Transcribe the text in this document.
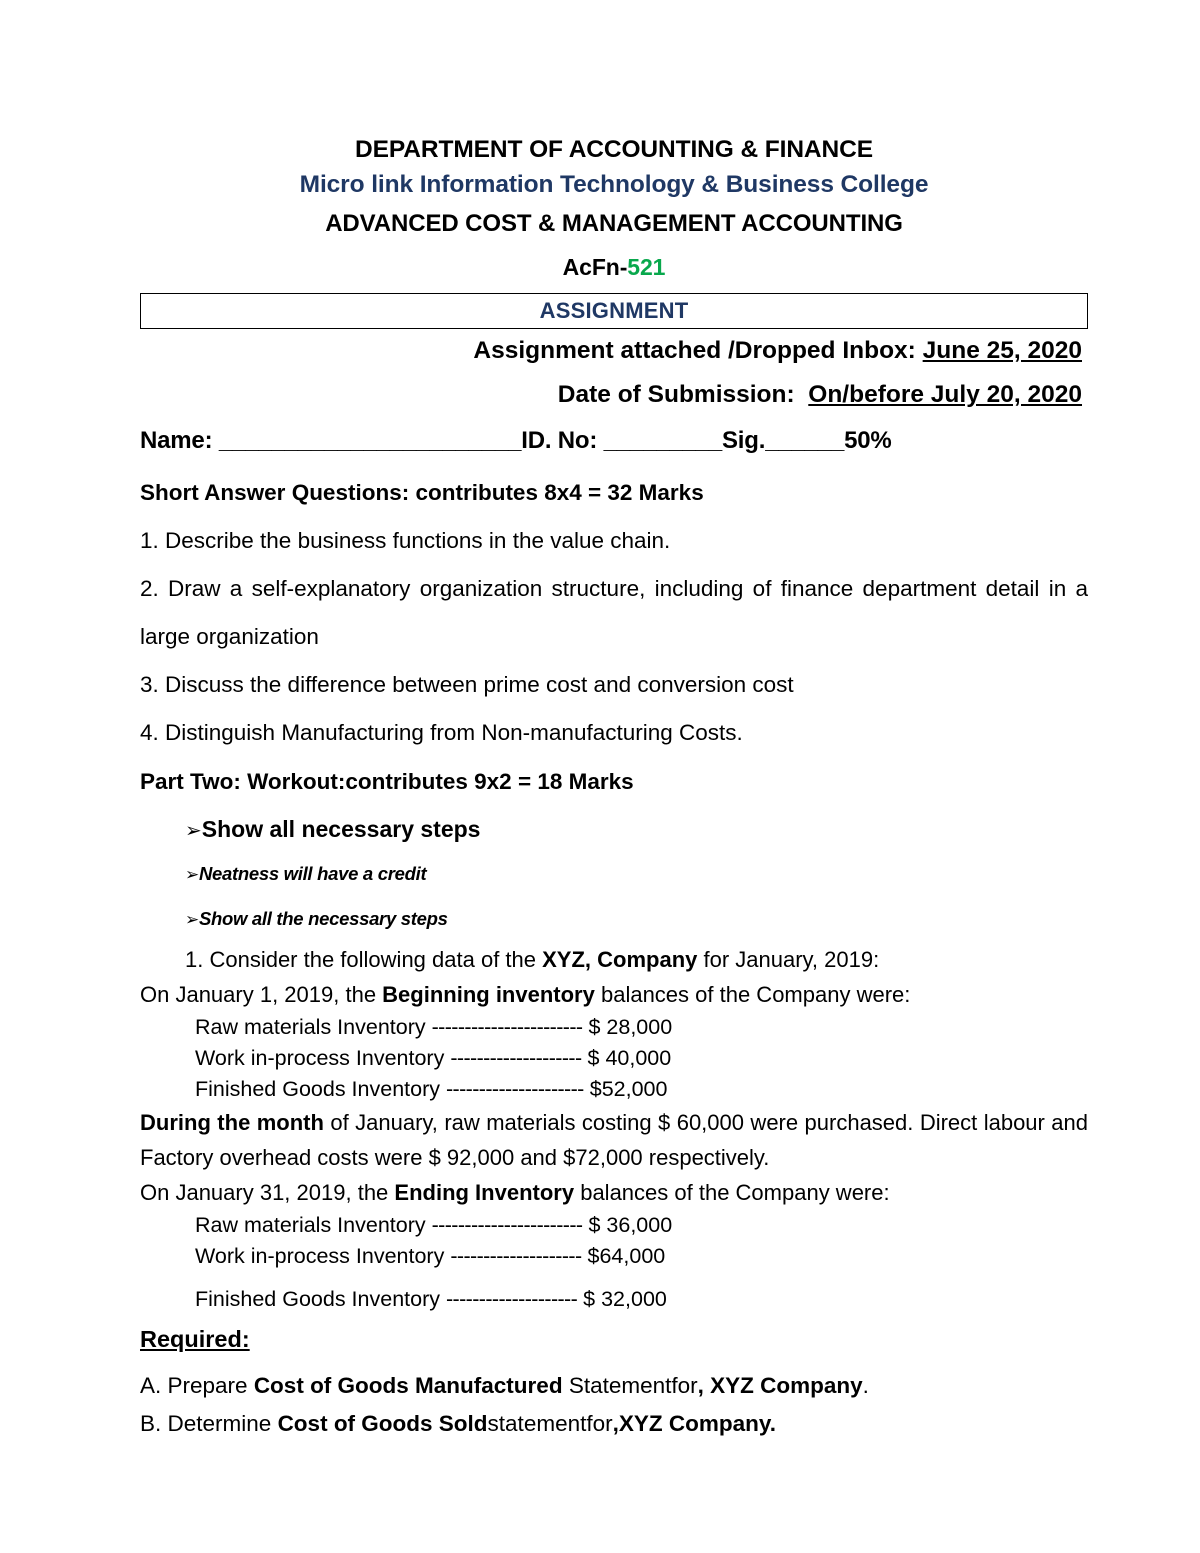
DEPARTMENT OF ACCOUNTING & FINANCE
Micro link Information Technology & Business College
ADVANCED COST & MANAGEMENT ACCOUNTING
AcFn-521
ASSIGNMENT
Assignment attached /Dropped Inbox: June 25, 2020
Date of Submission: On/before July 20, 2020
Name: _______________________ID. No: _________Sig.______50%
Short Answer Questions: contributes 8x4 = 32 Marks
1. Describe the business functions in the value chain.
2. Draw a self-explanatory organization structure, including of finance department detail in a large organization
3. Discuss the difference between prime cost and conversion cost
4. Distinguish Manufacturing from Non-manufacturing Costs.
Part Two: Workout:contributes 9x2 = 18 Marks
➢Show all necessary steps
➢Neatness will have a credit
➢Show all the necessary steps
1. Consider the following data of the XYZ, Company for January, 2019:
On January 1, 2019, the Beginning inventory balances of the Company were:
Raw materials Inventory ----------------------- $ 28,000
Work in-process Inventory -------------------- $ 40,000
Finished Goods Inventory --------------------- $52,000
During the month of January, raw materials costing $ 60,000 were purchased. Direct labour and Factory overhead costs were $ 92,000 and $72,000 respectively.
On January 31, 2019, the Ending Inventory balances of the Company were:
Raw materials Inventory ----------------------- $ 36,000
Work in-process Inventory -------------------- $64,000
Finished Goods Inventory -------------------- $ 32,000
Required:
A. Prepare Cost of Goods Manufactured Statementfor, XYZ Company.
B. Determine Cost of Goods Soldstatementfor,XYZ Company.
